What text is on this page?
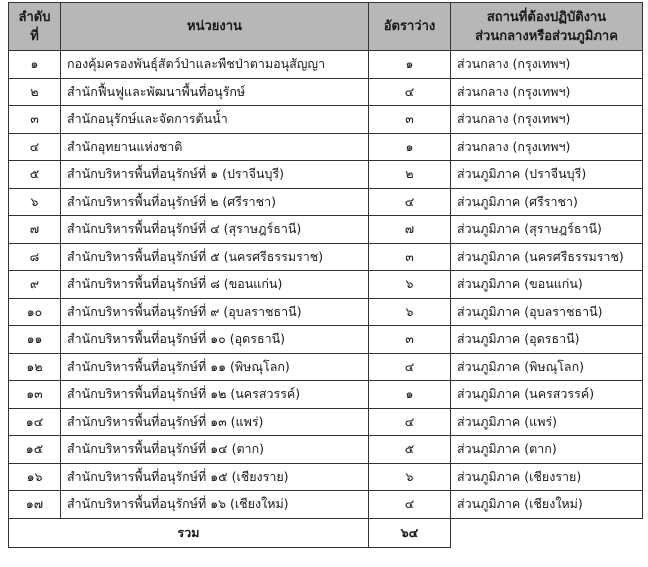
ลำดับ
ที่	หน่วยงาน	อัตราว่าง	สถานที่ต้องปฏิบัติงาน
ส่วนกลางหรือส่วนภูมิภาค

๑	กองคุ้มครองพันธุ์สัตว์ป่าและพืชป่าตามอนุสัญญา	๑	ส่วนกลาง (กรุงเทพฯ)
๒	สำนักฟื้นฟูและพัฒนาพื้นที่อนุรักษ์	๔	ส่วนกลาง (กรุงเทพฯ)
๓	สำนักอนุรักษ์และจัดการต้นน้ำ	๓	ส่วนกลาง (กรุงเทพฯ)
๔	สำนักอุทยานแห่งชาติ	๑	ส่วนกลาง (กรุงเทพฯ)
๕	สำนักบริหารพื้นที่อนุรักษ์ที่ ๑ (ปราจีนบุรี)	๒	ส่วนภูมิภาค (ปราจีนบุรี)
๖	สำนักบริหารพื้นที่อนุรักษ์ที่ ๒ (ศรีราชา)	๔	ส่วนภูมิภาค (ศรีราชา)
๗	สำนักบริหารพื้นที่อนุรักษ์ที่ ๔ (สุราษฎร์ธานี)	๗	ส่วนภูมิภาค (สุราษฎร์ธานี)
๘	สำนักบริหารพื้นที่อนุรักษ์ที่ ๕ (นครศรีธรรมราช)	๓	ส่วนภูมิภาค (นครศรีธรรมราช)
๙	สำนักบริหารพื้นที่อนุรักษ์ที่ ๘ (ขอนแก่น)	๖	ส่วนภูมิภาค (ขอนแก่น)
๑๐	สำนักบริหารพื้นที่อนุรักษ์ที่ ๙ (อุบลราชธานี)	๖	ส่วนภูมิภาค (อุบลราชธานี)
๑๑	สำนักบริหารพื้นที่อนุรักษ์ที่ ๑๐ (อุดรธานี)	๓	ส่วนภูมิภาค (อุดรธานี)
๑๒	สำนักบริหารพื้นที่อนุรักษ์ที่ ๑๑ (พิษณุโลก)	๔	ส่วนภูมิภาค (พิษณุโลก)
๑๓	สำนักบริหารพื้นที่อนุรักษ์ที่ ๑๒ (นครสวรรค์)	๑	ส่วนภูมิภาค (นครสวรรค์)
๑๔	สำนักบริหารพื้นที่อนุรักษ์ที่ ๑๓ (แพร่)	๔	ส่วนภูมิภาค (แพร่)
๑๕	สำนักบริหารพื้นที่อนุรักษ์ที่ ๑๔ (ตาก)	๕	ส่วนภูมิภาค (ตาก)
๑๖	สำนักบริหารพื้นที่อนุรักษ์ที่ ๑๕ (เชียงราย)	๖	ส่วนภูมิภาค (เชียงราย)
๑๗	สำนักบริหารพื้นที่อนุรักษ์ที่ ๑๖ (เชียงใหม่)	๔	ส่วนภูมิภาค (เชียงใหม่)
รวม		๖๔	
